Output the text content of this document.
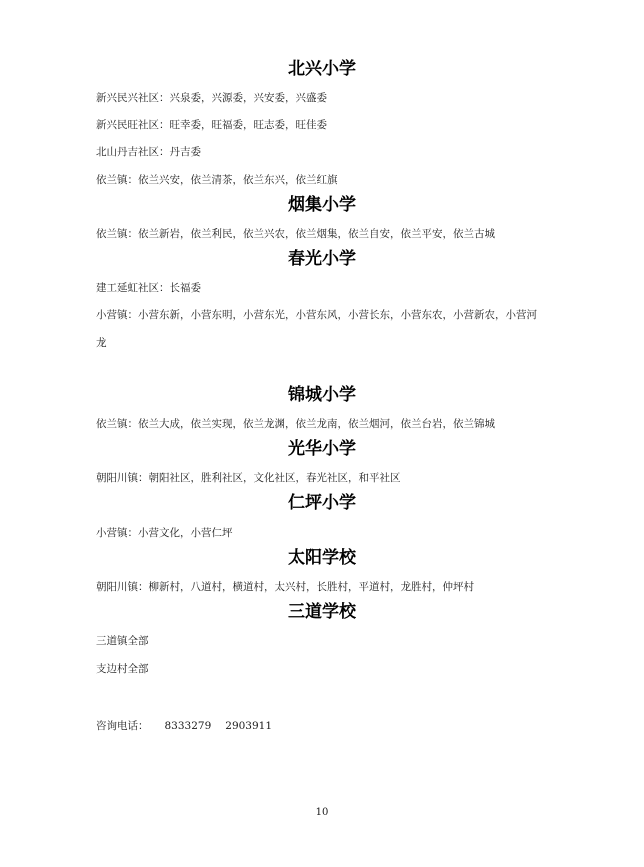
北兴小学
新兴民兴社区：兴泉委，兴源委，兴安委，兴盛委
新兴民旺社区：旺幸委，旺福委，旺志委，旺佳委
北山丹吉社区：丹吉委
依兰镇：依兰兴安，依兰清茶，依兰东兴，依兰红旗
烟集小学
依兰镇：依兰新岩，依兰利民，依兰兴农，依兰烟集，依兰自安，依兰平安，依兰古城
春光小学
建工延虹社区：长福委
小营镇：小营东新，小营东明，小营东光，小营东风，小营长东，小营东农，小营新农，小营河
龙
锦城小学
依兰镇：依兰大成，依兰实现，依兰龙渊，依兰龙南，依兰烟河，依兰台岩，依兰锦城
光华小学
朝阳川镇：朝阳社区，胜利社区，文化社区，春光社区，和平社区
仁坪小学
小营镇：小营文化，小营仁坪
太阳学校
朝阳川镇：柳新村，八道村，横道村，太兴村，长胜村，平道村，龙胜村，仲坪村
三道学校
三道镇全部
支边村全部
咨询电话： 8333279 2903911
10
